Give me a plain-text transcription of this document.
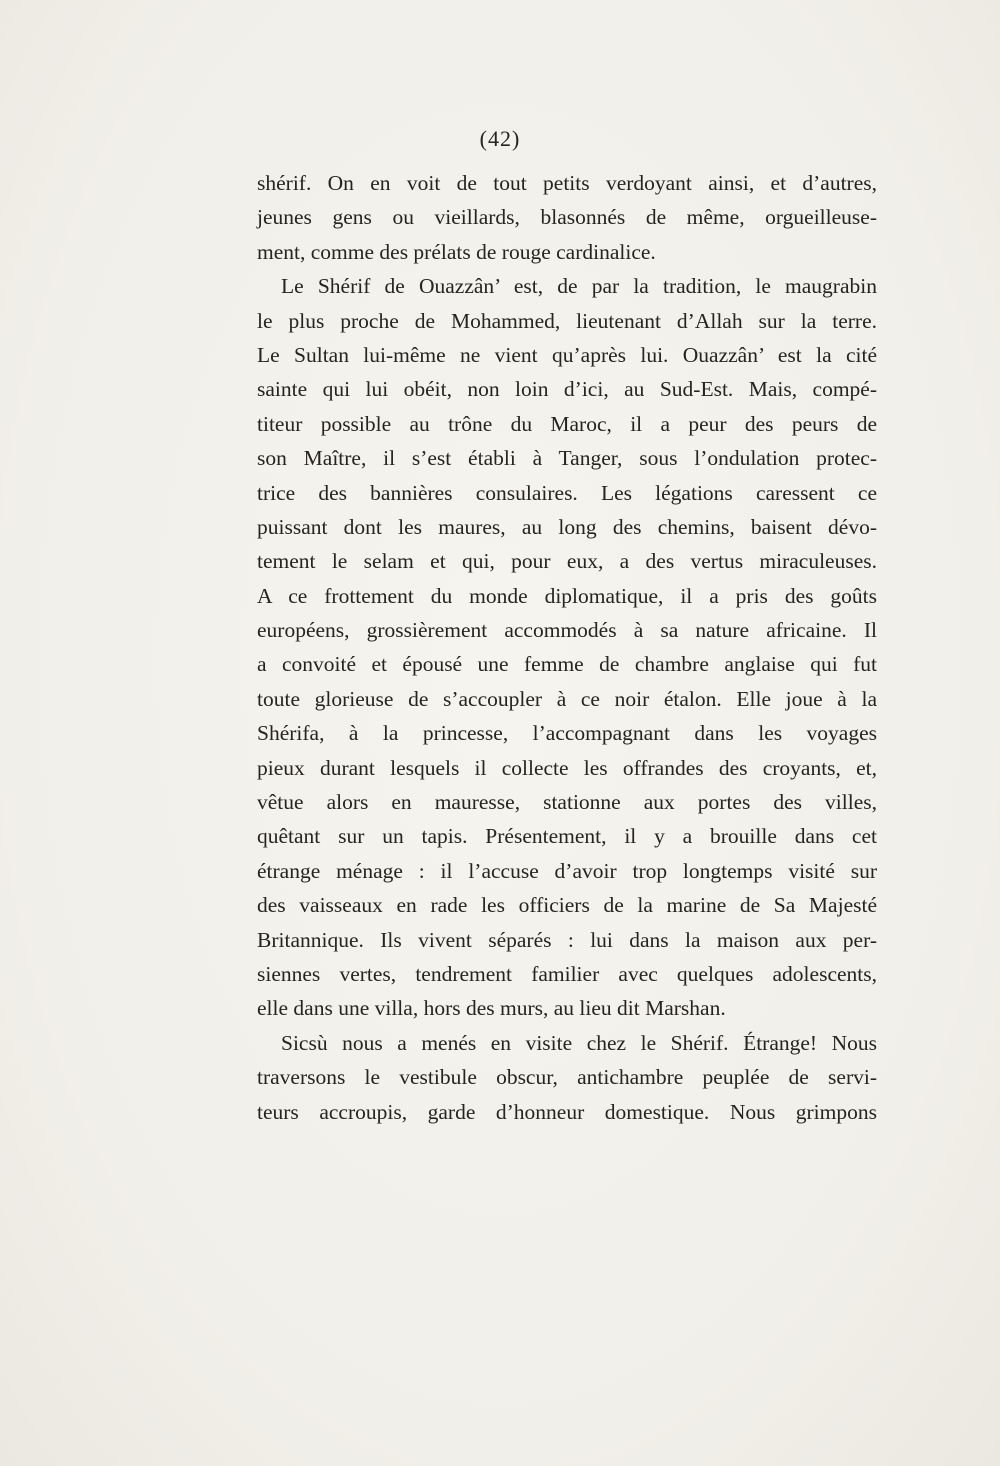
(42)
shérif. On en voit de tout petits verdoyant ainsi, et d’autres,
jeunes gens ou vieillards, blasonnés de même, orgueilleuse-
ment, comme des prélats de rouge cardinalice.
Le Shérif de Ouazzân’ est, de par la tradition, le maugrabin
le plus proche de Mohammed, lieutenant d’Allah sur la terre.
Le Sultan lui-même ne vient qu’après lui. Ouazzân’ est la cité
sainte qui lui obéit, non loin d’ici, au Sud-Est. Mais, compé-
titeur possible au trône du Maroc, il a peur des peurs de
son Maître, il s’est établi à Tanger, sous l’ondulation protec-
trice des bannières consulaires. Les légations caressent ce
puissant dont les maures, au long des chemins, baisent dévo-
tement le selam et qui, pour eux, a des vertus miraculeuses.
A ce frottement du monde diplomatique, il a pris des goûts
européens, grossièrement accommodés à sa nature africaine. Il
a convoité et épousé une femme de chambre anglaise qui fut
toute glorieuse de s’accoupler à ce noir étalon. Elle joue à la
Shérifa, à la princesse, l’accompagnant dans les voyages
pieux durant lesquels il collecte les offrandes des croyants, et,
vêtue alors en mauresse, stationne aux portes des villes,
quêtant sur un tapis. Présentement, il y a brouille dans cet
étrange ménage : il l’accuse d’avoir trop longtemps visité sur
des vaisseaux en rade les officiers de la marine de Sa Majesté
Britannique. Ils vivent séparés : lui dans la maison aux per-
siennes vertes, tendrement familier avec quelques adolescents,
elle dans une villa, hors des murs, au lieu dit Marshan.
Sicsù nous a menés en visite chez le Shérif. Étrange! Nous
traversons le vestibule obscur, antichambre peuplée de servi-
teurs accroupis, garde d’honneur domestique. Nous grimpons
